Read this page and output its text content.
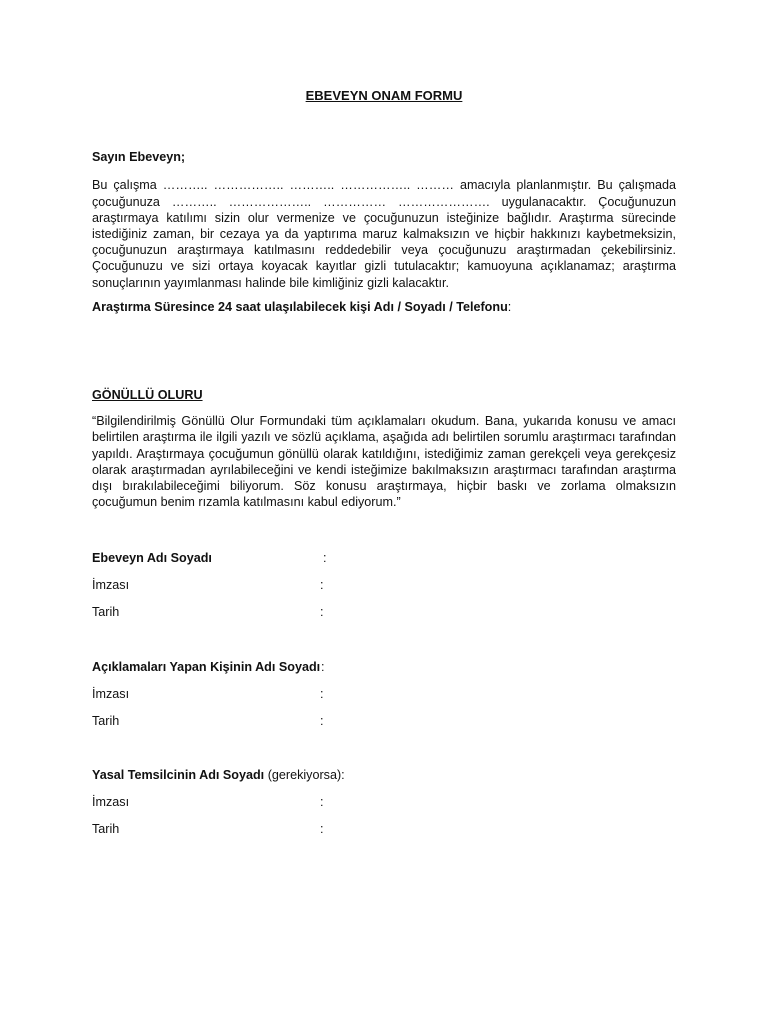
EBEVEYN ONAM FORMU

Sayın Ebeveyn;

Bu çalışma ……….. …………….. ……….. …………….. ……… amacıyla planlanmıştır. Bu çalışmada çocuğunuza ……….. ……………….. …………… …………………. uygulanacaktır. Çocuğunuzun araştırmaya katılımı sizin olur vermenize ve çocuğunuzun isteğinize bağlıdır. Araştırma sürecinde istediğiniz zaman, bir cezaya ya da yaptırıma maruz kalmaksızın ve hiçbir hakkınızı kaybetmeksizin, çocuğunuzun araştırmaya katılmasını reddedebilir veya çocuğunuzu araştırmadan çekebilirsiniz. Çocuğunuzu ve sizi ortaya koyacak kayıtlar gizli tutulacaktır; kamuoyuna açıklanamaz; araştırma sonuçlarının yayımlanması halinde bile kimliğiniz gizli kalacaktır.

Araştırma Süresince 24 saat ulaşılabilecek kişi Adı / Soyadı / Telefonu:

GÖNÜLLÜ OLURU

“Bilgilendirilmiş Gönüllü Olur Formundaki tüm açıklamaları okudum. Bana, yukarıda konusu ve amacı belirtilen araştırma ile ilgili yazılı ve sözlü açıklama, aşağıda adı belirtilen sorumlu araştırmacı tarafından yapıldı. Araştırmaya çocuğumun gönüllü olarak katıldığını, istediğimiz zaman gerekçeli veya gerekçesiz olarak araştırmadan ayrılabileceğini ve kendi isteğimize bakılmaksızın araştırmacı tarafından araştırma dışı bırakılabileceğimi biliyorum. Söz konusu araştırmaya, hiçbir baskı ve zorlama olmaksızın çocuğumun benim rızamla katılmasını kabul ediyorum.”

Ebeveyn Adı Soyadı	:
İmzası	:
Tarih	:
Açıklamaları Yapan Kişinin Adı Soyadı :
İmzası	:
Tarih	:
Yasal Temsilcinin Adı Soyadı (gerekiyorsa):
İmzası	:
Tarih	:
